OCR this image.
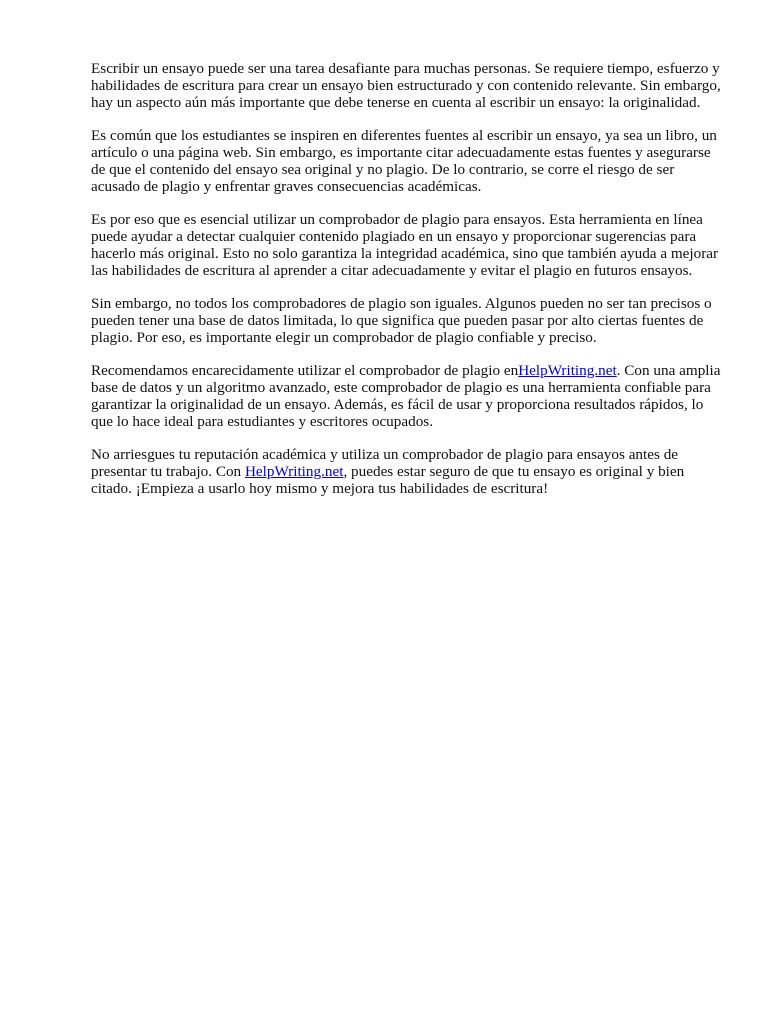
Escribir un ensayo puede ser una tarea desafiante para muchas personas. Se requiere tiempo, esfuerzo y habilidades de escritura para crear un ensayo bien estructurado y con contenido relevante. Sin embargo, hay un aspecto aún más importante que debe tenerse en cuenta al escribir un ensayo: la originalidad.

Es común que los estudiantes se inspiren en diferentes fuentes al escribir un ensayo, ya sea un libro, un artículo o una página web. Sin embargo, es importante citar adecuadamente estas fuentes y asegurarse de que el contenido del ensayo sea original y no plagio. De lo contrario, se corre el riesgo de ser acusado de plagio y enfrentar graves consecuencias académicas.

Es por eso que es esencial utilizar un comprobador de plagio para ensayos. Esta herramienta en línea puede ayudar a detectar cualquier contenido plagiado en un ensayo y proporcionar sugerencias para hacerlo más original. Esto no solo garantiza la integridad académica, sino que también ayuda a mejorar las habilidades de escritura al aprender a citar adecuadamente y evitar el plagio en futuros ensayos.

Sin embargo, no todos los comprobadores de plagio son iguales. Algunos pueden no ser tan precisos o pueden tener una base de datos limitada, lo que significa que pueden pasar por alto ciertas fuentes de plagio. Por eso, es importante elegir un comprobador de plagio confiable y preciso.

Recomendamos encarecidamente utilizar el comprobador de plagio enHelpWriting.net. Con una amplia base de datos y un algoritmo avanzado, este comprobador de plagio es una herramienta confiable para garantizar la originalidad de un ensayo. Además, es fácil de usar y proporciona resultados rápidos, lo que lo hace ideal para estudiantes y escritores ocupados.

No arriesgues tu reputación académica y utiliza un comprobador de plagio para ensayos antes de presentar tu trabajo. Con HelpWriting.net, puedes estar seguro de que tu ensayo es original y bien citado. ¡Empieza a usarlo hoy mismo y mejora tus habilidades de escritura!
